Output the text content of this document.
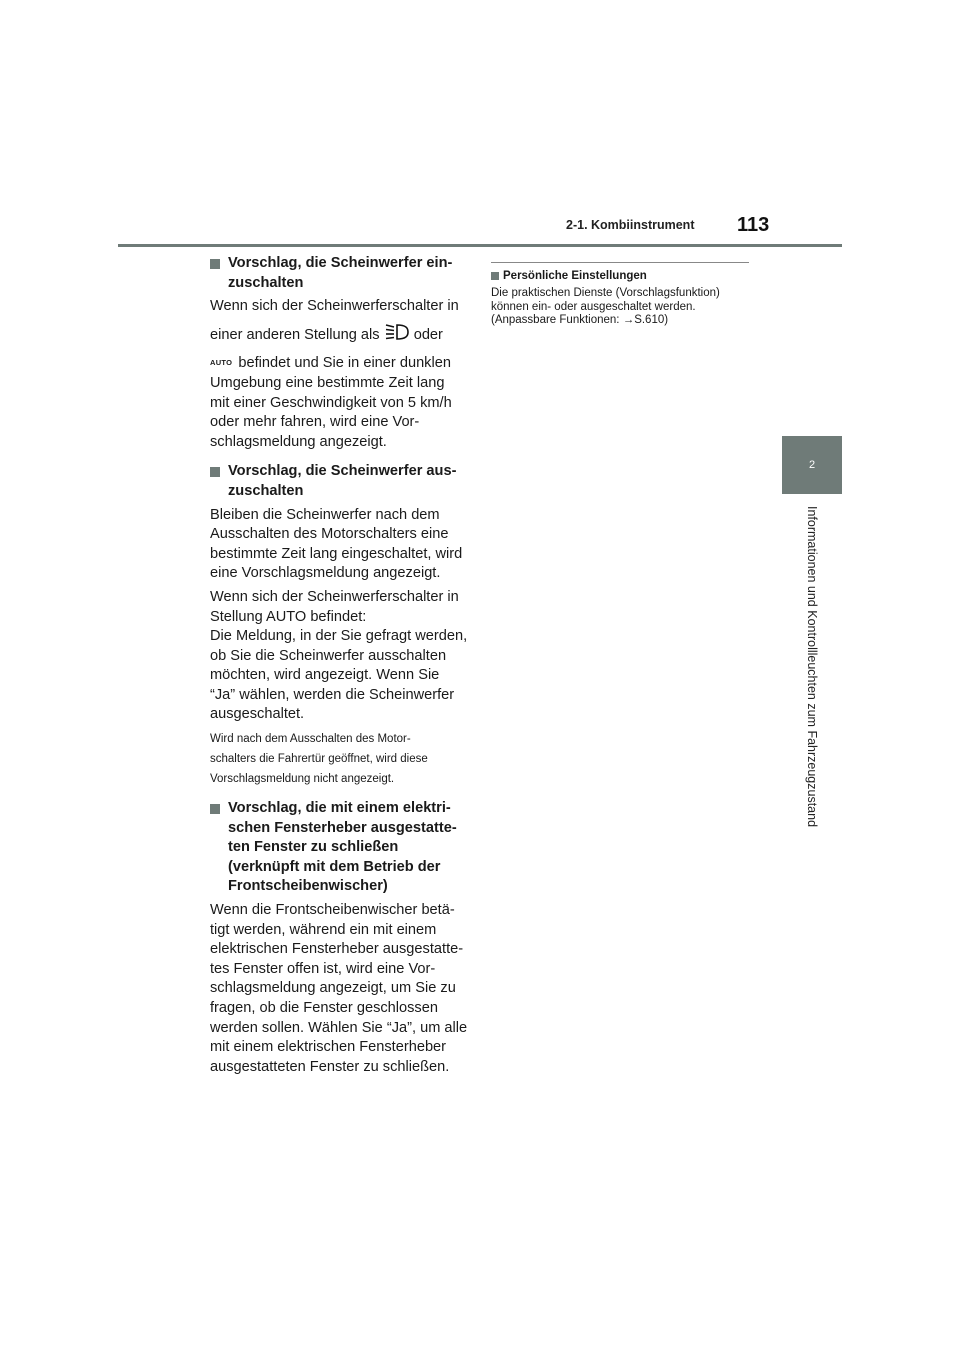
2-1. Kombiinstrument 113
2
Informationen und Kontrollleuchten zum Fahrzeugzustand
Vorschlag, die Scheinwerfer ein-
zuschalten
Wenn sich der Scheinwerferschalter in
einer anderen Stellung als oder
AUTO befindet und Sie in einer dunklen
Umgebung eine bestimmte Zeit lang
mit einer Geschwindigkeit von 5 km/h
oder mehr fahren, wird eine Vor-
schlagsmeldung angezeigt.
Vorschlag, die Scheinwerfer aus-
zuschalten
Bleiben die Scheinwerfer nach dem
Ausschalten des Motorschalters eine
bestimmte Zeit lang eingeschaltet, wird
eine Vorschlagsmeldung angezeigt.
Wenn sich der Scheinwerferschalter in
Stellung AUTO befindet:
Die Meldung, in der Sie gefragt werden,
ob Sie die Scheinwerfer ausschalten
möchten, wird angezeigt. Wenn Sie
“Ja” wählen, werden die Scheinwerfer
ausgeschaltet.
Wird nach dem Ausschalten des Motor-
schalters die Fahrertür geöffnet, wird diese
Vorschlagsmeldung nicht angezeigt.
Vorschlag, die mit einem elektri-
schen Fensterheber ausgestatte-
ten Fenster zu schließen
(verknüpft mit dem Betrieb der
Frontscheibenwischer)
Wenn die Frontscheibenwischer betä-
tigt werden, während ein mit einem
elektrischen Fensterheber ausgestatte-
tes Fenster offen ist, wird eine Vor-
schlagsmeldung angezeigt, um Sie zu
fragen, ob die Fenster geschlossen
werden sollen. Wählen Sie “Ja”, um alle
mit einem elektrischen Fensterheber
ausgestatteten Fenster zu schließen.
Persönliche Einstellungen
Die praktischen Dienste (Vorschlagsfunktion)
können ein- oder ausgeschaltet werden.
(Anpassbare Funktionen: →S.610)
